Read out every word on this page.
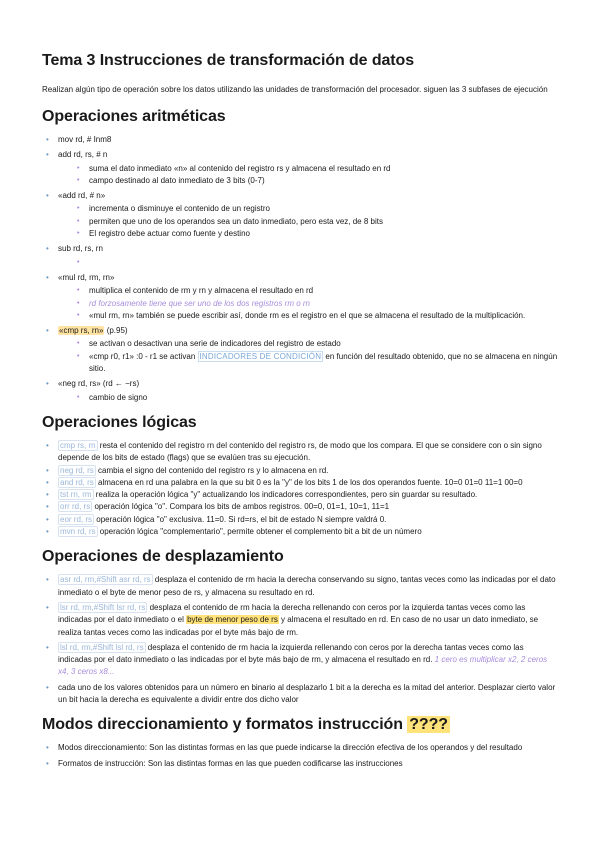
Tema 3 Instrucciones de transformación de datos

Realizan algún tipo de operación sobre los datos utilizando las unidades de transformación del procesador. siguen las 3 subfases de ejecución

Operaciones aritméticas
• mov rd, # Inm8
• add rd, rs, # n
• suma el dato inmediato «n» al contenido del registro rs y almacena el resultado en rd
• campo destinado al dato inmediato de 3 bits (0-7)
• «add rd, # n»
• incrementa o disminuye el contenido de un registro
• permiten que uno de los operandos sea un dato inmediato, pero esta vez, de 8 bits
• El registro debe actuar como fuente y destino
• sub rd, rs, rn
•
• «mul rd, rm, rn»
• multiplica el contenido de rm y rn y almacena el resultado en rd
• rd forzosamente tiene que ser uno de los dos registros rm o rn
• «mul rm, rn» también se puede escribir así, donde rm es el registro en el que se almacena el resultado de la multiplicación.
• «cmp rs, rn» (p.95)
• se activan o desactivan una serie de indicadores del registro de estado
• «cmp r0, r1» :0 - r1 se activan INDICADORES DE CONDICIÓN en función del resultado obtenido, que no se almacena en ningún sitio.
• «neg rd, rs» (rd ← −rs)
• cambio de signo
Operaciones lógicas
• cmp rs, rn resta el contenido del registro rn del contenido del registro rs, de modo que los compara. El que se considere con o sin signo depende de los bits de estado (flags) que se evalúen tras su ejecución.
• neg rd, rs cambia el signo del contenido del registro rs y lo almacena en rd.
• and rd, rs almacena en rd una palabra en la que su bit 0 es la "y" de los bits 1 de los dos operandos fuente. 10=0 01=0 11=1 00=0
• tst rn, rm realiza la operación lógica "y" actualizando los indicadores correspondientes, pero sin guardar su resultado.
• orr rd, rs operación lógica "o". Compara los bits de ambos registros. 00=0, 01=1, 10=1, 11=1
• eor rd, rs operación lógica "o" exclusiva. 11=0. Si rd=rs, el bit de estado N siempre valdrá 0.
• mvn rd, rs operación lógica "complementario", permite obtener el complemento bit a bit de un número
Operaciones de desplazamiento
• asr rd, rm,#Shift asr rd, rs desplaza el contenido de rm hacia la derecha conservando su signo, tantas veces como las indicadas por el dato inmediato o el byte de menor peso de rs, y almacena su resultado en rd.
• lsr rd, rm,#Shift lsr rd, rs desplaza el contenido de rm hacia la derecha rellenando con ceros por la izquierda tantas veces como las indicadas por el dato inmediato o el byte de menor peso de rs y almacena el resultado en rd. En caso de no usar un dato inmediato, se realiza tantas veces como las indicadas por el byte más bajo de rm.
• lsl rd, rm,#Shift lsl rd, rs desplaza el contenido de rm hacia la izquierda rellenando con ceros por la derecha tantas veces como las indicadas por el dato inmediato o las indicadas por el byte más bajo de rm, y almacena el resultado en rd. 1 cero es multiplicar x2, 2 ceros x4, 3 ceros x8...
• cada uno de los valores obtenidos para un número en binario al desplazarlo 1 bit a la derecha es la mitad del anterior. Desplazar cierto valor un bit hacia la derecha es equivalente a dividir entre dos dicho valor
Modos direccionamiento y formatos instrucción ????
• Modos direccionamiento: Son las distintas formas en las que puede indicarse la dirección efectiva de los operandos y del resultado
• Formatos de instrucción: Son las distintas formas en las que pueden codificarse las instrucciones
